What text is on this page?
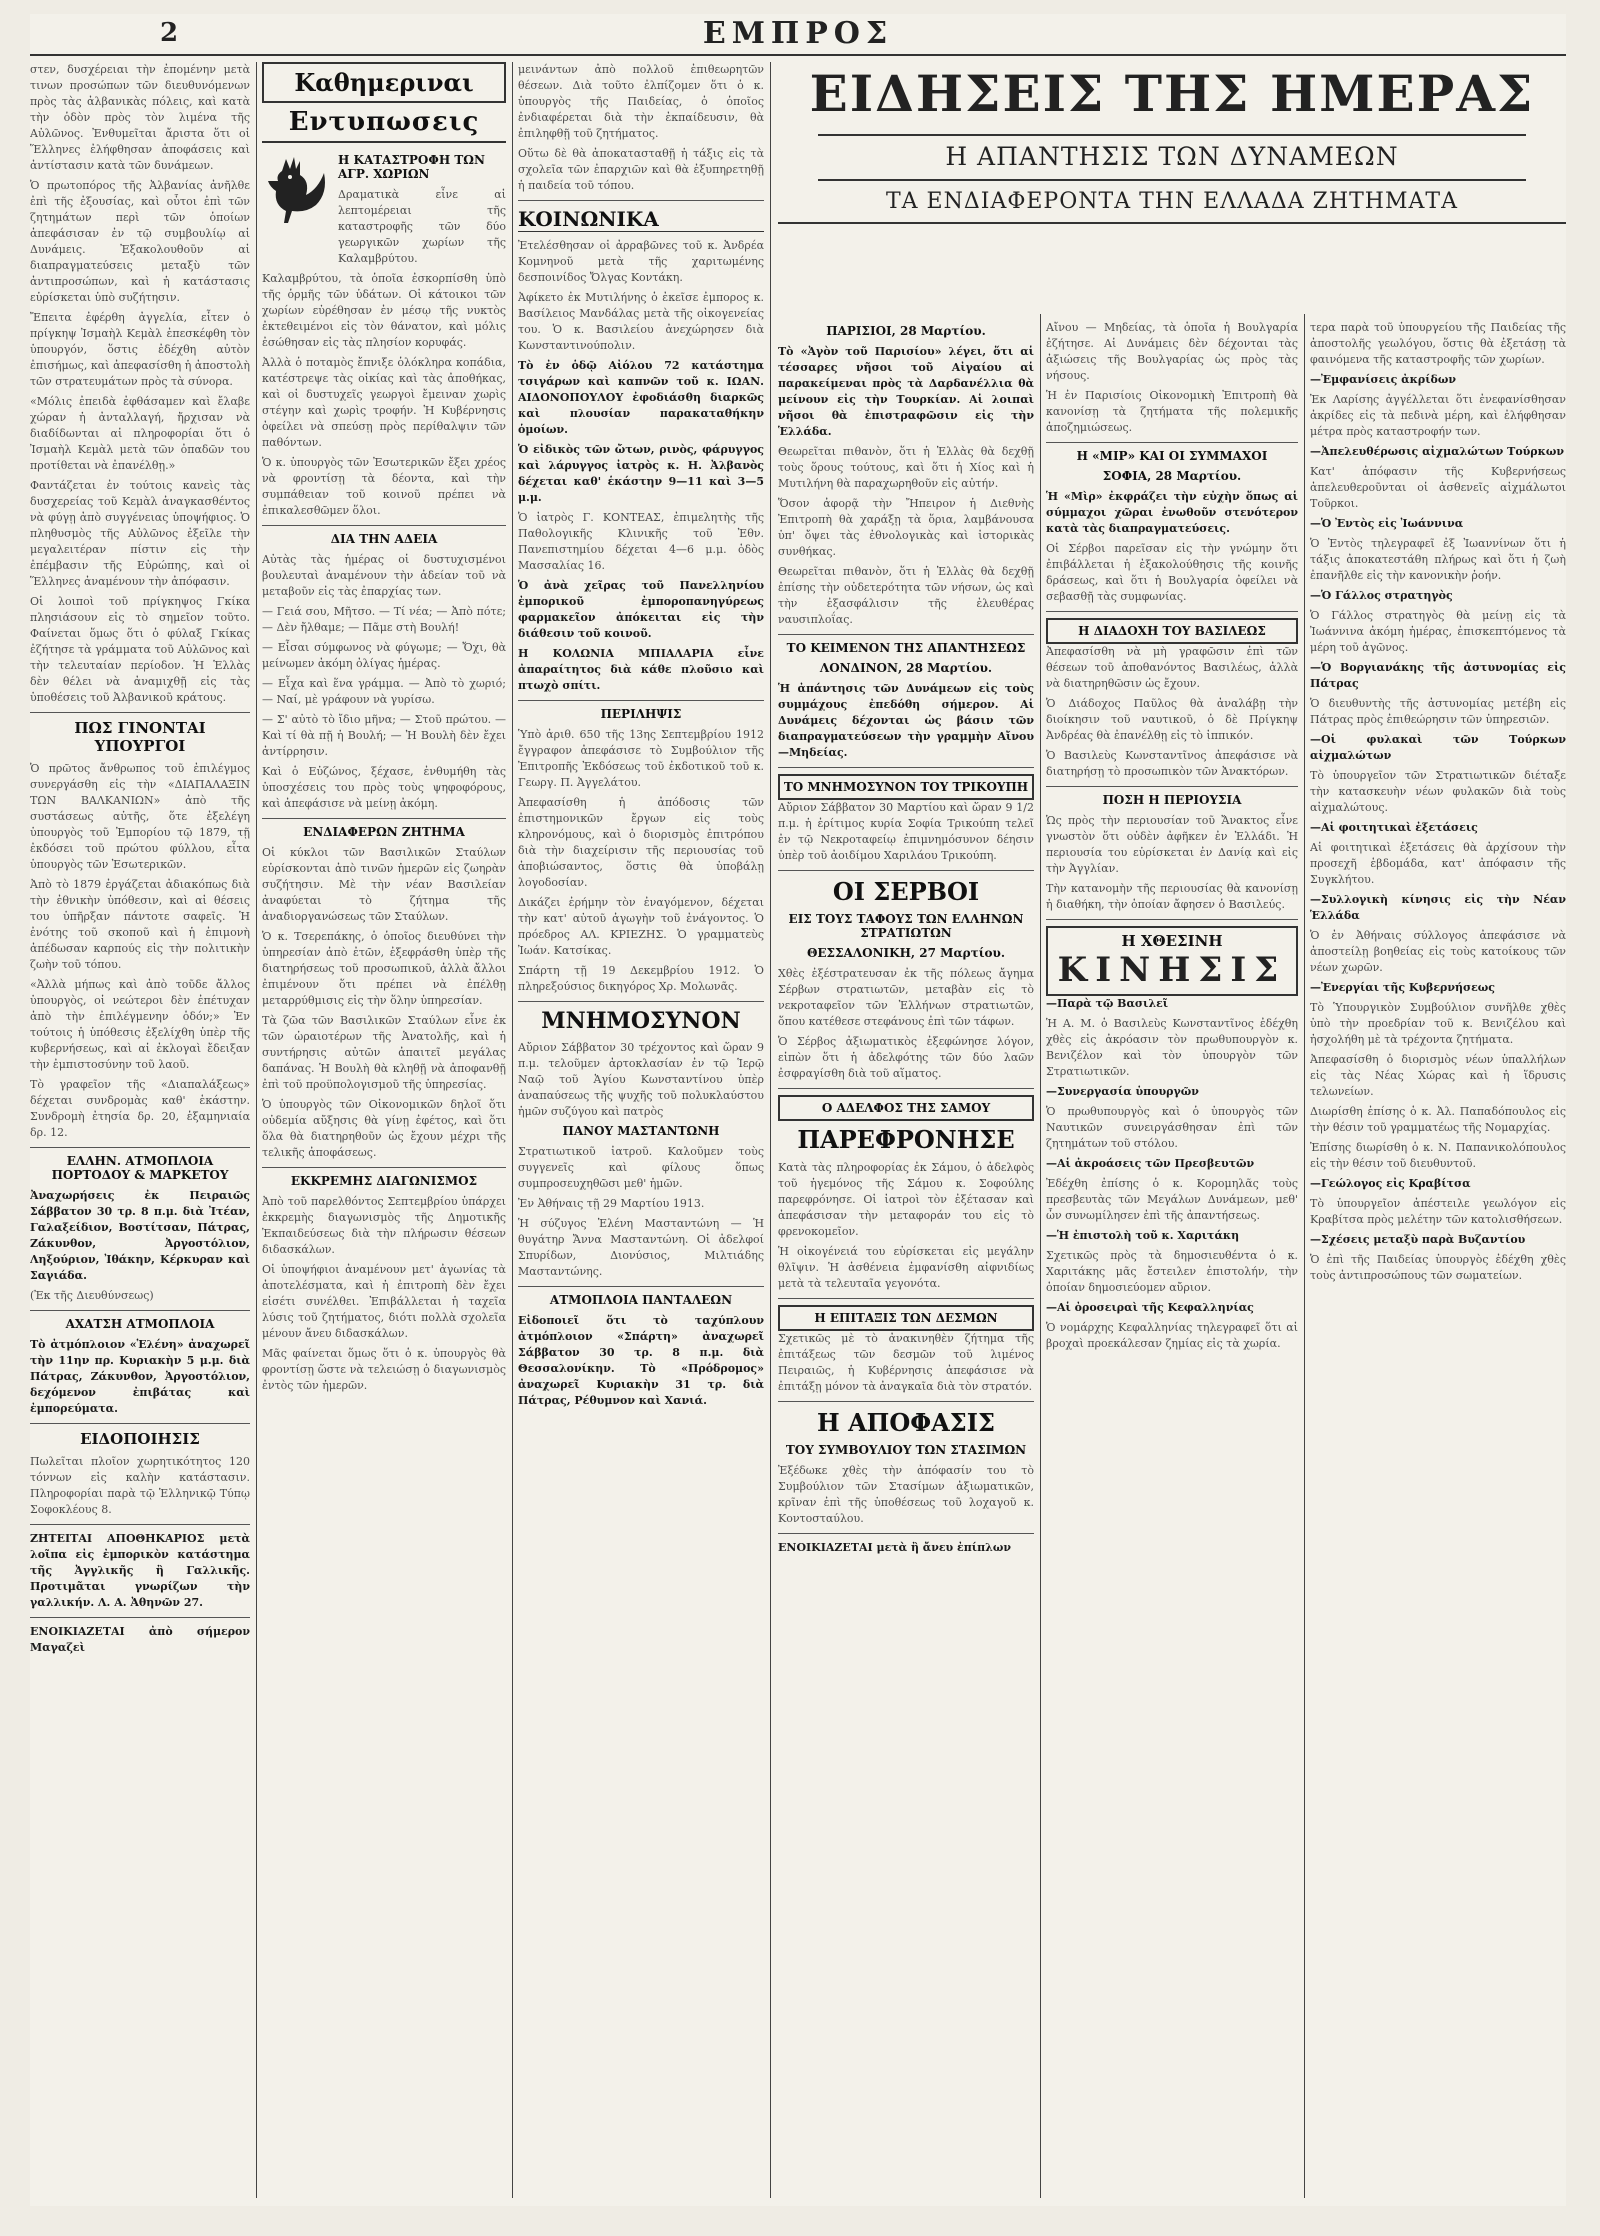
2	ΕΜΠΡΟΣ

στεν, δυσχέρειαι τὴν ἐπομένην μετὰ τινων προσώπων τῶν διευθυνόμενων πρὸς τὰς ἀλβανικὰς πόλεις, καὶ κατὰ τὴν ὁδὸν πρὸς τὸν λιμένα τῆς Αὐλῶνος. Ἐνθυμεῖται ἄριστα ὅτι οἱ Ἕλληνες ἐλήφθησαν ἀποφάσεις καὶ ἀντίστασιν κατὰ τῶν δυνάμεων.

Ὁ πρωτοπόρος τῆς Ἀλβανίας ἀνῆλθε ἐπὶ τῆς ἐξουσίας, καὶ οὗτοι ἐπὶ τῶν ζητημάτων περὶ τῶν ὁποίων ἀπεφάσισαν ἐν τῷ συμβουλίῳ αἱ Δυνάμεις. Ἐξακολουθοῦν αἱ διαπραγματεύσεις μεταξὺ τῶν ἀντιπροσώπων, καὶ ἡ κατάστασις εὑρίσκεται ὑπὸ συζήτησιν.

Ἔπειτα ἐφέρθη ἀγγελία, εἶτεν ὁ πρίγκηψ Ἰσμαὴλ Κεμὰλ ἐπεσκέφθη τὸν ὑπουργόν, ὅστις ἐδέχθη αὐτὸν ἐπισήμως, καὶ ἀπεφασίσθη ἡ ἀποστολὴ τῶν στρατευμάτων πρὸς τὰ σύνορα.

«Μόλις ἐπειδὰ ἐφθάσαμεν καὶ ἔλαβε χώραν ἡ ἀνταλλαγή, ἤρχισαν νὰ διαδίδωνται αἱ πληροφορίαι ὅτι ὁ Ἰσμαὴλ Κεμὰλ μετὰ τῶν ὀπαδῶν του προτίθεται νὰ ἐπανέλθῃ.»

Φαντάζεται ἐν τούτοις κανεὶς τὰς δυσχερείας τοῦ Κεμὰλ ἀναγκασθέντος νὰ φύγῃ ἀπὸ συγγένειας ὑποψήφιος. Ὁ πληθυσμὸς τῆς Αὐλῶνος ἐξεῖλε τὴν μεγαλειτέραν πίστιν εἰς τὴν ἐπέμβασιν τῆς Εὐρώπης, καὶ οἱ Ἕλληνες ἀναμένουν τὴν ἀπόφασιν.

Οἱ λοιποὶ τοῦ πρίγκηψος Γκίκα πλησιάσουν εἰς τὸ σημεῖον τοῦτο. Φαίνεται ὅμως ὅτι ὁ φύλαξ Γκίκας ἐζήτησε τὰ γράμματα τοῦ Αὐλῶνος καὶ τὴν τελευταίαν περίοδον. Ἡ Ἑλλὰς δὲν θέλει νὰ ἀναμιχθῇ εἰς τὰς ὑποθέσεις τοῦ Ἀλβανικοῦ κράτους.

ΠΩΣ ΓΙΝΟΝΤΑΙ ΥΠΟΥΡΓΟΙ

Ὁ πρῶτος ἄνθρωπος τοῦ ἐπιλέγμος συνεργάσθη εἰς τὴν «ΔΙΑΠΑΛΑΞΙΝ ΤΩΝ ΒΑΛΚΑΝΙΩΝ» ἀπὸ τῆς συστάσεως αὐτῆς, ὅτε ἐξελέγη ὑπουργὸς τοῦ Ἐμπορίου τῷ 1879, τῇ ἐκδόσει τοῦ πρώτου φύλλου, εἶτα ὑπουργὸς τῶν Ἐσωτερικῶν.

Ἀπὸ τὸ 1879 ἐργάζεται ἀδιακόπως διὰ τὴν ἐθνικὴν ὑπόθεσιν, καὶ αἱ θέσεις του ὑπῆρξαν πάντοτε σαφεῖς. Ἡ ἐνότης τοῦ σκοποῦ καὶ ἡ ἐπιμονὴ ἀπέδωσαν καρπούς εἰς τὴν πολιτικὴν ζωὴν τοῦ τόπου.

«Ἀλλὰ μήπως καὶ ἀπὸ τοῦδε ἄλλος ὑπουργὸς, οἱ νεώτεροι δὲν ἐπέτυχαν ἀπὸ τὴν ἐπιλέγμενην ὁδόν;» Ἐν τούτοις ἡ ὑπόθεσις ἐξελίχθη ὑπὲρ τῆς κυβερνήσεως, καὶ αἱ ἐκλογαὶ ἔδειξαν τὴν ἐμπιστοσύνην τοῦ λαοῦ.

Τὸ γραφεῖον τῆς «Διαπαλάξεως» δέχεται συνδρομὰς καθ' ἑκάστην. Συνδρομὴ ἐτησία δρ. 20, ἑξαμηνιαία δρ. 12.

ΕΛΛΗΝ. ΑΤΜΟΠΛΟΙΑ ΠΟΡΤΟΔΟΥ & ΜΑΡΚΕΤΟΥ

Ἀναχωρήσεις ἐκ Πειραιῶς Σάββατον 30 τρ. 8 π.μ. διὰ Ἰτέαν, Γαλαξείδιον, Βοστίτσαν, Πάτρας, Ζάκυνθον, Ἀργοστόλιον, Ληξούριον, Ἰθάκην, Κέρκυραν καὶ Σαγιάδα.

(Ἐκ τῆς Διευθύνσεως)

ΑΧΑΤΣΗ ΑΤΜΟΠΛΟΙΑ

Τὸ ἀτμόπλοιον «Ἑλένη» ἀναχωρεῖ τὴν 11ην πρ. Κυριακὴν 5 μ.μ. διὰ Πάτρας, Ζάκυνθον, Ἀργοστόλιον, δεχόμενον ἐπιβάτας καὶ ἐμπορεύματα.

ΕΙΔΟΠΟΙΗΣΙΣ

Πωλεῖται πλοῖον χωρητικότητος 120 τόννων εἰς καλὴν κατάστασιν. Πληροφορίαι παρὰ τῷ Ἑλληνικῷ Τύπῳ Σοφοκλέους 8.

ΖΗΤΕΙΤΑΙ ΑΠΟΘΗΚΑΡΙΟΣ μετὰ λοῖπα εἰς ἐμπορικὸν κατάστημα τῆς Ἀγγλικῆς ἢ Γαλλικῆς. Προτιμᾶται γνωρίζων τὴν γαλλικήν. Λ. Α. Ἀθηνῶν 27.

ΕΝΟΙΚΙΑΖΕΤΑΙ ἀπὸ σήμερον Μαγαζεὶ

Καθημεριναι
Εντυπωσεις
Η ΚΑΤΑΣΤΡΟΦΗ ΤΩΝ ΑΓΡ. ΧΩΡΙΩΝ

Δραματικὰ εἶνε αἱ λεπτομέρειαι τῆς καταστροφῆς τῶν δύο γεωργικῶν χωρίων τῆς Καλαμβρύτου.

Καλαμβρύτου, τὰ ὁποῖα ἐσκορπίσθη ὑπὸ τῆς ὁρμῆς τῶν ὑδάτων. Οἱ κάτοικοι τῶν χωρίων εὐρέθησαν ἐν μέσῳ τῆς νυκτὸς ἐκτεθειμένοι εἰς τὸν θάνατον, καὶ μόλις ἐσώθησαν εἰς τὰς πλησίον κορυφάς.

Ἀλλὰ ὁ ποταμὸς ἔπνιξε ὁλόκληρα κοπάδια, κατέστρεψε τὰς οἰκίας καὶ τὰς ἀποθήκας, καὶ οἱ δυστυχεῖς γεωργοὶ ἔμειναν χωρὶς στέγην καὶ χωρὶς τροφήν. Ἡ Κυβέρνησις ὀφείλει νὰ σπεύσῃ πρὸς περίθαλψιν τῶν παθόντων.

Ὁ κ. ὑπουργὸς τῶν Ἐσωτερικῶν ἔξει χρέος νὰ φροντίσῃ τὰ δέοντα, καὶ τὴν συμπάθειαν τοῦ κοινοῦ πρέπει νὰ ἐπικαλεσθῶμεν ὅλοι.

ΔΙΑ ΤΗΝ ΑΔΕΙΑ

Αὐτὰς τὰς ἡμέρας οἱ δυστυχισμένοι βουλευταὶ ἀναμένουν τὴν ἀδείαν τοῦ νὰ μεταβοῦν εἰς τὰς ἐπαρχίας των.

— Γειά σου, Μῆτσο. — Τί νέα; — Ἀπὸ πότε; — Δὲν ἤλθαμε; — Πᾶμε στὴ Βουλή!

— Εἶσαι σύμφωνος νὰ φύγωμε; — Ὄχι, θὰ μείνωμεν ἀκόμη ὀλίγας ἡμέρας.

— Εἶχα καὶ ἕνα γράμμα. — Ἀπὸ τὸ χωριό; — Ναί, μὲ γράφουν νὰ γυρίσω.

— Σ' αὐτὸ τὸ ἴδιο μῆνα; — Στοῦ πρώτου. — Καὶ τί θὰ πῇ ἡ Βουλή; — Ἡ Βουλὴ δὲν ἔχει ἀντίρρησιν.

Καὶ ὁ Εὐζώνος, ξέχασε, ἐνθυμήθη τὰς ὑποσχέσεις του πρὸς τοὺς ψηφοφόρους, καὶ ἀπεφάσισε νὰ μείνῃ ἀκόμη.

ΕΝΔΙΑΦΕΡΩΝ ΖΗΤΗΜΑ

Οἱ κύκλοι τῶν Βασιλικῶν Σταύλων εὑρίσκονται ἀπὸ τινῶν ἡμερῶν εἰς ζωηρὰν συζήτησιν. Μὲ τὴν νέαν Βασιλείαν ἀναφύεται τὸ ζήτημα τῆς ἀναδιοργανώσεως τῶν Σταύλων.

Ὁ κ. Τσερεπάκης, ὁ ὁποῖος διευθύνει τὴν ὑπηρεσίαν ἀπὸ ἐτῶν, ἐξεφράσθη ὑπὲρ τῆς διατηρήσεως τοῦ προσωπικοῦ, ἀλλὰ ἄλλοι ἐπιμένουν ὅτι πρέπει νὰ ἐπέλθῃ μεταρρύθμισις εἰς τὴν ὅλην ὑπηρεσίαν.

Τὰ ζῶα τῶν Βασιλικῶν Σταύλων εἶνε ἐκ τῶν ὡραιοτέρων τῆς Ἀνατολῆς, καὶ ἡ συντήρησις αὐτῶν ἀπαιτεῖ μεγάλας δαπάνας. Ἡ Βουλὴ θὰ κληθῇ νὰ ἀποφανθῇ ἐπὶ τοῦ προϋπολογισμοῦ τῆς ὑπηρεσίας.

Ὁ ὑπουργὸς τῶν Οἰκονομικῶν δηλοῖ ὅτι οὐδεμία αὔξησις θὰ γίνῃ ἐφέτος, καὶ ὅτι ὅλα θὰ διατηρηθοῦν ὡς ἔχουν μέχρι τῆς τελικῆς ἀποφάσεως.

ΕΚΚΡΕΜΗΣ ΔΙΑΓΩΝΙΣΜΟΣ

Ἀπὸ τοῦ παρελθόντος Σεπτεμβρίου ὑπάρχει ἐκκρεμὴς διαγωνισμὸς τῆς Δημοτικῆς Ἐκπαιδεύσεως διὰ τὴν πλήρωσιν θέσεων διδασκάλων.

Οἱ ὑποψήφιοι ἀναμένουν μετ' ἀγωνίας τὰ ἀποτελέσματα, καὶ ἡ ἐπιτροπὴ δὲν ἔχει εἰσέτι συνέλθει. Ἐπιβάλλεται ἡ ταχεῖα λύσις τοῦ ζητήματος, διότι πολλὰ σχολεῖα μένουν ἄνευ διδασκάλων.

Μᾶς φαίνεται ὅμως ὅτι ὁ κ. ὑπουργὸς θὰ φροντίσῃ ὥστε νὰ τελειώσῃ ὁ διαγωνισμὸς ἐντὸς τῶν ἡμερῶν.

μεινάντων ἀπὸ πολλοῦ ἐπιθεωρητῶν θέσεων. Διὰ τοῦτο ἐλπίζομεν ὅτι ὁ κ. ὑπουργὸς τῆς Παιδείας, ὁ ὁποῖος ἐνδιαφέρεται διὰ τὴν ἐκπαίδευσιν, θὰ ἐπιληφθῇ τοῦ ζητήματος.

Οὕτω δὲ θὰ ἀποκατασταθῇ ἡ τάξις εἰς τὰ σχολεῖα τῶν ἐπαρχιῶν καὶ θὰ ἐξυπηρετηθῇ ἡ παιδεία τοῦ τόπου.

ΚΟΙΝΩΝΙΚΑ

Ἐτελέσθησαν οἱ ἀρραβῶνες τοῦ κ. Ἀνδρέα Κομνηνοῦ μετὰ τῆς χαριτωμένης δεσποινίδος Ὄλγας Κοντάκη.

Ἀφίκετο ἐκ Μυτιλήνης ὁ ἐκεῖσε ἐμπορος κ. Βασίλειος Μανδάλας μετὰ τῆς οἰκογενείας του. Ὁ κ. Βασιλείου ἀνεχώρησεν διὰ Κωνσταντινούπολιν.

Τὸ ἐν ὁδῷ Αἰόλου 72 κατάστημα τσιγάρων καὶ καπνῶν τοῦ κ. ΙΩΑΝ. ΑΙΔΟΝΟΠΟΥΛΟΥ ἐφοδιάσθη διαρκῶς καὶ πλουσίαν παρακαταθήκην ὁμοίων.

Ὁ εἰδικὸς τῶν ὤτων, ρινὸς, φάρυγγος καὶ λάρυγγος ἰατρὸς κ. Η. Ἀλβανὸς δέχεται καθ' ἑκάστην 9—11 καὶ 3—5 μ.μ.

Ὁ ἰατρὸς Γ. ΚΟΝΤΕΑΣ, ἐπιμελητὴς τῆς Παθολογικῆς Κλινικῆς τοῦ Ἐθν. Πανεπιστημίου δέχεται 4—6 μ.μ. ὁδὸς Μασσαλίας 16.

Ὁ ἀνὰ χεῖρας τοῦ Πανελληνίου ἐμπορικοῦ ἐμποροπανηγύρεως φαρμακεῖον ἀπόκειται εἰς τὴν διάθεσιν τοῦ κοινοῦ.

Η ΚΟΛΩΝΙΑ ΜΠΙΑΛΑΡΙΑ εἶνε ἀπαραίτητος διὰ κάθε πλοῦσιο καὶ πτωχὸ σπίτι.

ΠΕΡΙΛΗΨΙΣ

Ὑπὸ ἀριθ. 650 τῆς 13ης Σεπτεμβρίου 1912 ἔγγραφον ἀπεφάσισε τὸ Συμβούλιον τῆς Ἐπιτροπῆς Ἐκδόσεως τοῦ ἐκδοτικοῦ τοῦ κ. Γεωργ. Π. Ἀγγελάτου.

Ἀπεφασίσθη ἡ ἀπόδοσις τῶν ἐπιστημονικῶν ἔργων εἰς τοὺς κληρονόμους, καὶ ὁ διορισμὸς ἐπιτρόπου διὰ τὴν διαχείρισιν τῆς περιουσίας τοῦ ἀποβιώσαντος, ὅστις θὰ ὑποβάλῃ λογοδοσίαν.

Δικάζει ἐρήμην τὸν ἐναγόμενον, δέχεται τὴν κατ' αὐτοῦ ἀγωγὴν τοῦ ἐνάγοντος. Ὁ πρόεδρος ΑΛ. ΚΡΙΕΖΗΣ. Ὁ γραμματεὺς Ἰωάν. Κατσίκας.

Σπάρτη τῇ 19 Δεκεμβρίου 1912. Ὁ πληρεξούσιος δικηγόρος Χρ. Μολωνᾶς.

ΜΝΗΜΟΣΥΝΟΝ

Αὔριον Σάββατον 30 τρέχοντος καὶ ὥραν 9 π.μ. τελοῦμεν ἀρτοκλασίαν ἐν τῷ Ἱερῷ Ναῷ τοῦ Ἁγίου Κωνσταντίνου ὑπὲρ ἀναπαύσεως τῆς ψυχῆς τοῦ πολυκλαύστου ἡμῶν συζύγου καὶ πατρὸς

ΠΑΝΟΥ ΜΑΣΤΑΝΤΩΝΗ

Στρατιωτικοῦ ἰατροῦ. Καλοῦμεν τοὺς συγγενεῖς καὶ φίλους ὅπως συμπροσευχηθῶσι μεθ' ἡμῶν.

Ἐν Ἀθήναις τῇ 29 Μαρτίου 1913.

Ἡ σύζυγος Ἑλένη Μασταντώνη — Ἡ θυγάτηρ Ἄννα Μασταντώνη. Οἱ ἀδελφοί Σπυρίδων, Διονύσιος, Μιλτιάδης Μασταντώνης.

ΑΤΜΟΠΛΟΙΑ ΠΑΝΤΑΛΕΩΝ

Εἰδοποιεῖ ὅτι τὸ ταχύπλουν ἀτμόπλοιον «Σπάρτη» ἀναχωρεῖ Σάββατον 30 τρ. 8 π.μ. διὰ Θεσσαλονίκην. Τὸ «Πρόδρομος» ἀναχωρεῖ Κυριακὴν 31 τρ. διὰ Πάτρας, Ρέθυμνον καὶ Χανιά.

ΕΙΔΗΣΕΙΣ ΤΗΣ ΗΜΕΡΑΣ
Η ΑΠΑΝΤΗΣΙΣ ΤΩΝ ΔΥΝΑΜΕΩΝ
ΤΑ ΕΝΔΙΑΦΕΡΟΝΤΑ ΤΗΝ ΕΛΛΑΔΑ ΖΗΤΗΜΑΤΑ
ΠΑΡΙΣΙΟΙ, 28 Μαρτίου.

Τὸ «Ἀγὸν τοῦ Παρισίου» λέγει, ὅτι αἱ τέσσαρες νῆσοι τοῦ Αἰγαίου αἱ παρακείμεναι πρὸς τὰ Δαρδανέλλια θὰ μείνουν εἰς τὴν Τουρκίαν. Αἱ λοιπαὶ νῆσοι θὰ ἐπιστραφῶσιν εἰς τὴν Ἑλλάδα.

Θεωρεῖται πιθανὸν, ὅτι ἡ Ἑλλὰς θὰ δεχθῇ τοὺς ὅρους τούτους, καὶ ὅτι ἡ Χίος καὶ ἡ Μυτιλήνη θὰ παραχωρηθοῦν εἰς αὐτήν.

Ὅσον ἀφορᾷ τὴν Ἤπειρον ἡ Διεθνὴς Ἐπιτροπὴ θὰ χαράξῃ τὰ ὅρια, λαμβάνουσα ὑπ' ὄψει τὰς ἐθνολογικὰς καὶ ἱστορικὰς συνθήκας.

Θεωρεῖται πιθανὸν, ὅτι ἡ Ἑλλὰς θὰ δεχθῇ ἐπίσης τὴν οὐδετερότητα τῶν νήσων, ὡς καὶ τὴν ἐξασφάλισιν τῆς ἐλευθέρας ναυσιπλοΐας.

ΤΟ ΚΕΙΜΕΝΟΝ ΤΗΣ ΑΠΑΝΤΗΣΕΩΣ
ΛΟΝΔΙΝΟΝ, 28 Μαρτίου.

Ἡ ἀπάντησις τῶν Δυνάμεων εἰς τοὺς συμμάχους ἐπεδόθη σήμερον. Αἱ Δυνάμεις δέχονται ὡς βάσιν τῶν διαπραγματεύσεων τὴν γραμμὴν Αἴνου—Μηδείας.

ΤΟ ΜΝΗΜΟΣΥΝΟΝ ΤΟΥ ΤΡΙΚΟΥΠΗ

Αὔριον Σάββατον 30 Μαρτίου καὶ ὥραν 9 1/2 π.μ. ἡ ἐρίτιμος κυρία Σοφία Τρικούπη τελεῖ ἐν τῷ Νεκροταφείῳ ἐπιμνημόσυνον δέησιν ὑπὲρ τοῦ ἀοιδίμου Χαριλάου Τρικούπη.

ΟΙ ΣΕΡΒΟΙ
ΕΙΣ ΤΟΥΣ ΤΑΦΟΥΣ ΤΩΝ ΕΛΛΗΝΩΝ ΣΤΡΑΤΙΩΤΩΝ
ΘΕΣΣΑΛΟΝΙΚΗ, 27 Μαρτίου.

Χθὲς ἐξέστρατευσαν ἐκ τῆς πόλεως ἄγημα Σέρβων στρατιωτῶν, μεταβὰν εἰς τὸ νεκροταφεῖον τῶν Ἑλλήνων στρατιωτῶν, ὅπου κατέθεσε στεφάνους ἐπὶ τῶν τάφων.

Ὁ Σέρβος ἀξιωματικὸς ἐξεφώνησε λόγον, εἰπὼν ὅτι ἡ ἀδελφότης τῶν δύο λαῶν ἐσφραγίσθη διὰ τοῦ αἵματος.

Ο ΑΔΕΛΦΟΣ ΤΗΣ ΣΑΜΟΥ
ΠΑΡΕΦΡΟΝΗΣΕ

Κατὰ τὰς πληροφορίας ἐκ Σάμου, ὁ ἀδελφὸς τοῦ ἡγεμόνος τῆς Σάμου κ. Σοφούλης παρεφρόνησε. Οἱ ἰατροὶ τὸν ἐξέτασαν καὶ ἀπεφάσισαν τὴν μεταφοράν του εἰς τὸ φρενοκομεῖον.

Ἡ οἰκογένειά του εὑρίσκεται εἰς μεγάλην θλῖψιν. Ἡ ἀσθένεια ἐμφανίσθη αἰφνιδίως μετὰ τὰ τελευταῖα γεγονότα.

Η ΕΠΙΤΑΞΙΣ ΤΩΝ ΔΕΣΜΩΝ

Σχετικῶς μὲ τὸ ἀνακινηθὲν ζήτημα τῆς ἐπιτάξεως τῶν δεσμῶν τοῦ λιμένος Πειραιῶς, ἡ Κυβέρνησις ἀπεφάσισε νὰ ἐπιτάξῃ μόνον τὰ ἀναγκαῖα διὰ τὸν στρατόν.

Η ΑΠΟΦΑΣΙΣ
ΤΟΥ ΣΥΜΒΟΥΛΙΟΥ ΤΩΝ ΣΤΑΣΙΜΩΝ

Ἐξέδωκε χθὲς τὴν ἀπόφασίν του τὸ Συμβούλιον τῶν Στασίμων ἀξιωματικῶν, κρῖναν ἐπὶ τῆς ὑποθέσεως τοῦ λοχαγοῦ κ. Κοντοσταύλου.

ΕΝΟΙΚΙΑΖΕΤΑΙ μετὰ ἢ ἄνευ ἐπίπλων

Αἴνου — Μηδείας, τὰ ὁποῖα ἡ Βουλγαρία ἐζήτησε. Αἱ Δυνάμεις δὲν δέχονται τὰς ἀξιώσεις τῆς Βουλγαρίας ὡς πρὸς τὰς νήσους.

Ἡ ἐν Παρισίοις Οἰκονομικὴ Ἐπιτροπὴ θὰ κανονίσῃ τὰ ζητήματα τῆς πολεμικῆς ἀποζημιώσεως.

Η «ΜΙΡ» ΚΑΙ ΟΙ ΣΥΜΜΑΧΟΙ
ΣΟΦΙΑ, 28 Μαρτίου.

Ἡ «Μὶρ» ἐκφράζει τὴν εὐχὴν ὅπως αἱ σύμμαχοι χῶραι ἐνωθοῦν στενότερον κατὰ τὰς διαπραγματεύσεις.

Οἱ Σέρβοι παρεῖσαν εἰς τὴν γνώμην ὅτι ἐπιβάλλεται ἡ ἐξακολούθησις τῆς κοινῆς δράσεως, καὶ ὅτι ἡ Βουλγαρία ὀφείλει νὰ σεβασθῇ τὰς συμφωνίας.

Η ΔΙΑΔΟΧΗ ΤΟΥ ΒΑΣΙΛΕΩΣ

Ἀπεφασίσθη νὰ μὴ γραφῶσιν ἐπὶ τῶν θέσεων τοῦ ἀποθανόντος Βασιλέως, ἀλλὰ νὰ διατηρηθῶσιν ὡς ἔχουν.

Ὁ Διάδοχος Παῦλος θὰ ἀναλάβῃ τὴν διοίκησιν τοῦ ναυτικοῦ, ὁ δὲ Πρίγκηψ Ἀνδρέας θὰ ἐπανέλθῃ εἰς τὸ ἱππικόν.

Ὁ Βασιλεὺς Κωνσταντῖνος ἀπεφάσισε νὰ διατηρήσῃ τὸ προσωπικὸν τῶν Ἀνακτόρων.

ΠΟΣΗ Η ΠΕΡΙΟΥΣΙΑ

Ὡς πρὸς τὴν περιουσίαν τοῦ Ἄνακτος εἶνε γνωστὸν ὅτι οὐδὲν ἀφῆκεν ἐν Ἑλλάδι. Ἡ περιουσία του εὑρίσκεται ἐν Δανίᾳ καὶ εἰς τὴν Ἀγγλίαν.

Τὴν κατανομὴν τῆς περιουσίας θὰ κανονίσῃ ἡ διαθήκη, τὴν ὁποίαν ἄφησεν ὁ Βασιλεύς.

Η ΧΘΕΣΙΝΗ
ΚΙΝΗΣΙΣ

—Παρὰ τῷ Βασιλεῖ

Ἡ Α. Μ. ὁ Βασιλεὺς Κωνσταντῖνος ἐδέχθη χθὲς εἰς ἀκρόασιν τὸν πρωθυπουργὸν κ. Βενιζέλον καὶ τὸν ὑπουργὸν τῶν Στρατιωτικῶν.

—Συνεργασία ὑπουργῶν

Ὁ πρωθυπουργὸς καὶ ὁ ὑπουργὸς τῶν Ναυτικῶν συνειργάσθησαν ἐπὶ τῶν ζητημάτων τοῦ στόλου.

—Αἱ ἀκροάσεις τῶν Πρεσβευτῶν

Ἐδέχθη ἐπίσης ὁ κ. Κορομηλᾶς τοὺς πρεσβευτὰς τῶν Μεγάλων Δυνάμεων, μεθ' ὧν συνωμίλησεν ἐπὶ τῆς ἀπαντήσεως.

—Ἡ ἐπιστολὴ τοῦ κ. Χαριτάκη

Σχετικῶς πρὸς τὰ δημοσιευθέντα ὁ κ. Χαριτάκης μᾶς ἔστειλεν ἐπιστολήν, τὴν ὁποίαν δημοσιεύομεν αὔριον.

—Αἱ ὀροσειραὶ τῆς Κεφαλληνίας

Ὁ νομάρχης Κεφαλληνίας τηλεγραφεῖ ὅτι αἱ βροχαὶ προεκάλεσαν ζημίας εἰς τὰ χωρία.

τερα παρὰ τοῦ ὑπουργείου τῆς Παιδείας τῆς ἀποστολῆς γεωλόγου, ὅστις θὰ ἐξετάσῃ τὰ φαινόμενα τῆς καταστροφῆς τῶν χωρίων.

—Ἐμφανίσεις ἀκρίδων

Ἐκ Λαρίσης ἀγγέλλεται ὅτι ἐνεφανίσθησαν ἀκρίδες εἰς τὰ πεδινὰ μέρη, καὶ ἐλήφθησαν μέτρα πρὸς καταστροφήν των.

—Ἀπελευθέρωσις αἰχμαλώτων Τούρκων

Κατ' ἀπόφασιν τῆς Κυβερνήσεως ἀπελευθεροῦνται οἱ ἀσθενεῖς αἰχμάλωτοι Τοῦρκοι.

—Ὁ Ἐντὸς εἰς Ἰωάννινα

Ὁ Ἐντὸς τηλεγραφεῖ ἐξ Ἰωαννίνων ὅτι ἡ τάξις ἀποκατεστάθη πλήρως καὶ ὅτι ἡ ζωὴ ἐπανῆλθε εἰς τὴν κανονικὴν ῥοήν.

—Ὁ Γάλλος στρατηγὸς

Ὁ Γάλλος στρατηγὸς θὰ μείνῃ εἰς τὰ Ἰωάννινα ἀκόμη ἡμέρας, ἐπισκεπτόμενος τὰ μέρη τοῦ ἀγῶνος.

—Ὁ Βοργιανάκης τῆς ἀστυνομίας εἰς Πάτρας

Ὁ διευθυντὴς τῆς ἀστυνομίας μετέβη εἰς Πάτρας πρὸς ἐπιθεώρησιν τῶν ὑπηρεσιῶν.

—Οἱ φυλακαὶ τῶν Τούρκων αἰχμαλώτων

Τὸ ὑπουργεῖον τῶν Στρατιωτικῶν διέταξε τὴν κατασκευὴν νέων φυλακῶν διὰ τοὺς αἰχμαλώτους.

—Αἱ φοιτητικαὶ ἐξετάσεις

Αἱ φοιτητικαὶ ἐξετάσεις θὰ ἀρχίσουν τὴν προσεχῆ ἑβδομάδα, κατ' ἀπόφασιν τῆς Συγκλήτου.

—Συλλογικὴ κίνησις εἰς τὴν Νέαν Ἑλλάδα

Ὁ ἐν Ἀθήναις σύλλογος ἀπεφάσισε νὰ ἀποστείλῃ βοηθείας εἰς τοὺς κατοίκους τῶν νέων χωρῶν.

—Ἐνεργίαι τῆς Κυβερνήσεως

Τὸ Ὑπουργικὸν Συμβούλιον συνῆλθε χθὲς ὑπὸ τὴν προεδρίαν τοῦ κ. Βενιζέλου καὶ ἠσχολήθη μὲ τὰ τρέχοντα ζητήματα.

Ἀπεφασίσθη ὁ διορισμὸς νέων ὑπαλλήλων εἰς τὰς Νέας Χώρας καὶ ἡ ἵδρυσις τελωνείων.

Διωρίσθη ἐπίσης ὁ κ. Ἀλ. Παπαδόπουλος εἰς τὴν θέσιν τοῦ γραμματέως τῆς Νομαρχίας.

Ἐπίσης διωρίσθη ὁ κ. Ν. Παπανικολόπουλος εἰς τὴν θέσιν τοῦ διευθυντοῦ.

—Γεώλογος εἰς Κραβίτσα

Τὸ ὑπουργεῖον ἀπέστειλε γεωλόγον εἰς Κραβίτσα πρὸς μελέτην τῶν κατολισθήσεων.

—Σχέσεις μεταξὺ παρὰ Βυζαντίου

Ὁ ἐπὶ τῆς Παιδείας ὑπουργὸς ἐδέχθη χθὲς τοὺς ἀντιπροσώπους τῶν σωματείων.
